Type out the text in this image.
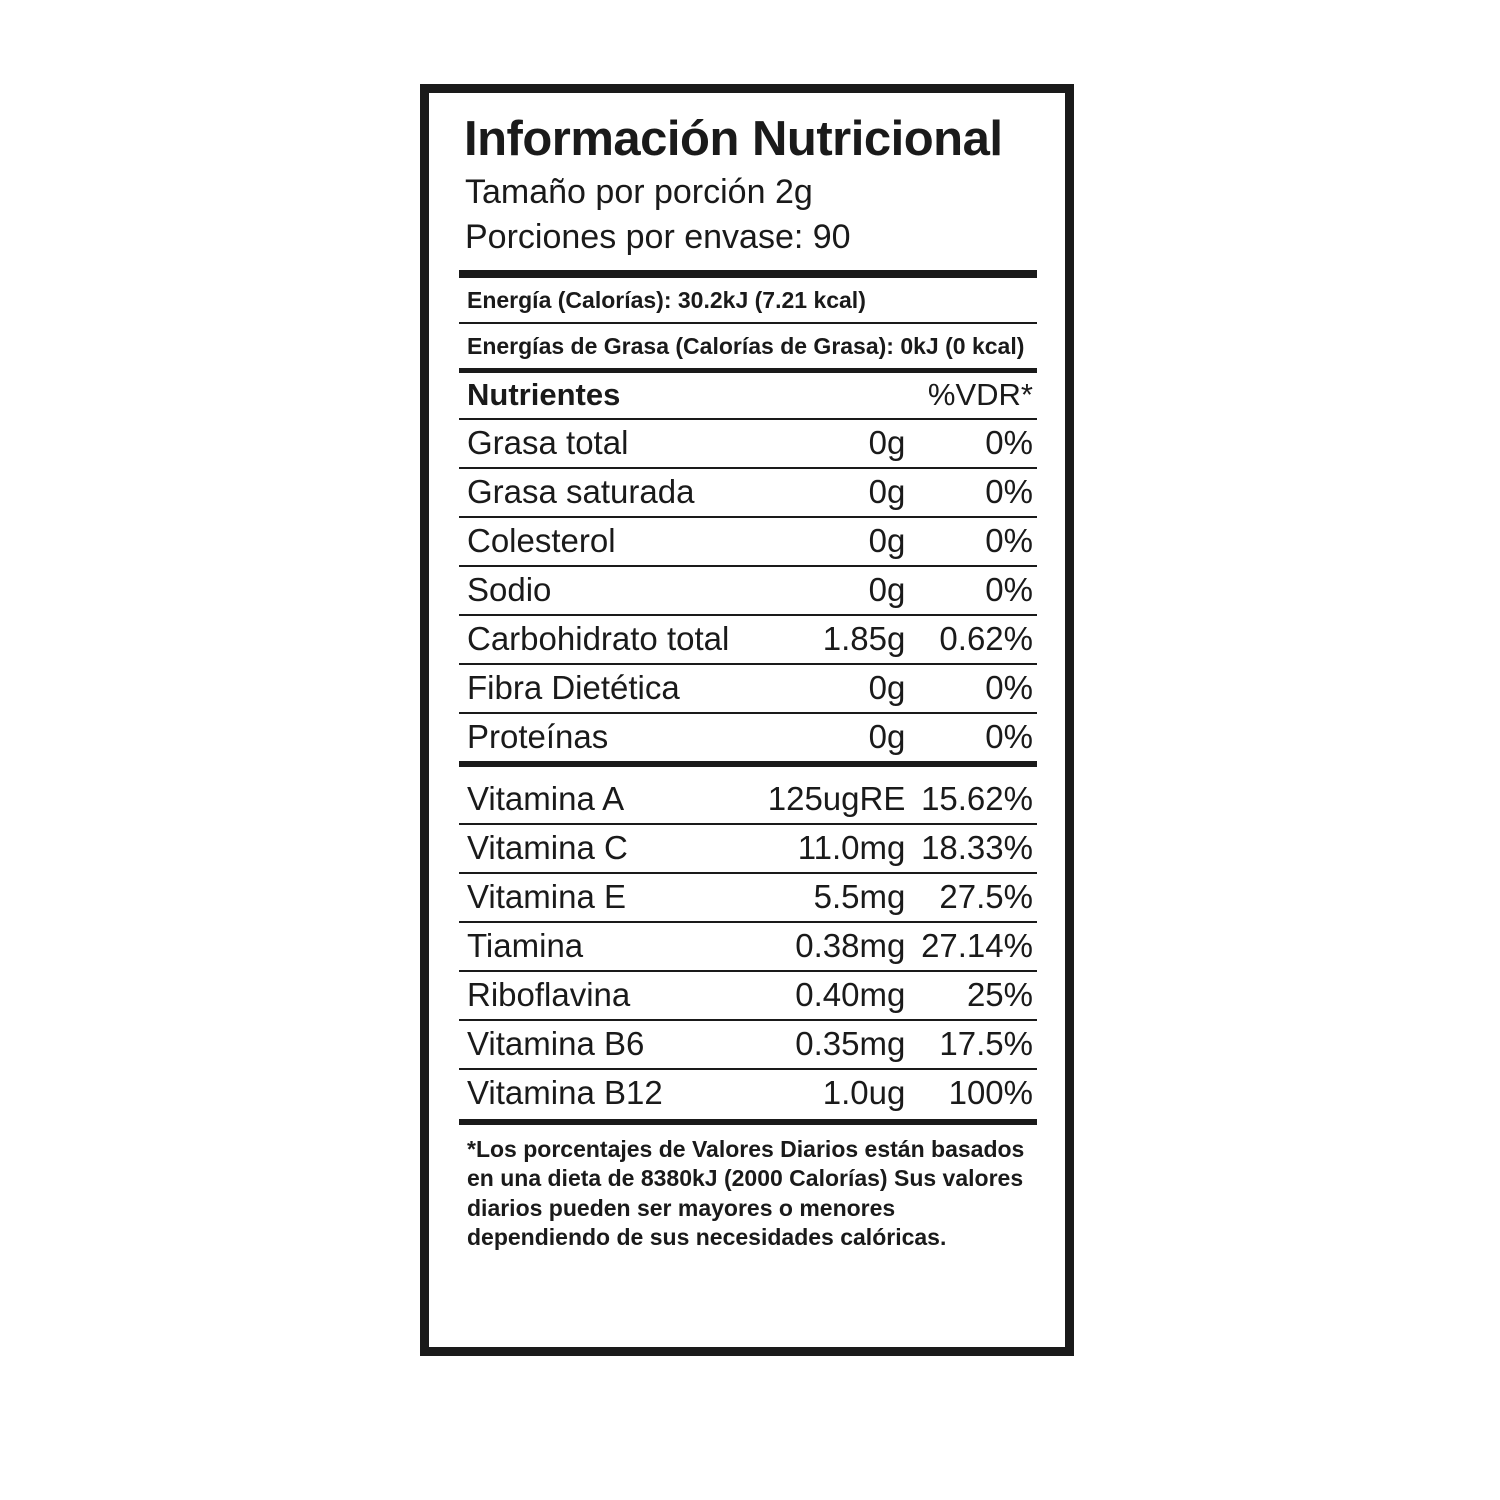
Información Nutricional
Tamaño por porción 2g
Porciones por envase: 90
Energía (Calorías): 30.2kJ (7.21 kcal)
Energías de Grasa (Calorías de Grasa): 0kJ (0 kcal)
Nutrientes		%VDR*
Grasa total	0g	0%
Grasa saturada	0g	0%
Colesterol	0g	0%
Sodio	0g	0%
Carbohidrato total	1.85g	0.62%
Fibra Dietética	0g	0%
Proteínas	0g	0%

Vitamina A	125ugRE	15.62%
Vitamina C	11.0mg	18.33%
Vitamina E	5.5mg	27.5%
Tiamina	0.38mg	27.14%
Riboflavina	0.40mg	25%
Vitamina B6	0.35mg	17.5%
Vitamina B12	1.0ug	100%
*Los porcentajes de Valores Diarios están basados en una dieta de 8380kJ (2000 Calorías) Sus valores diarios pueden ser mayores o menores dependiendo de sus necesidades calóricas.
